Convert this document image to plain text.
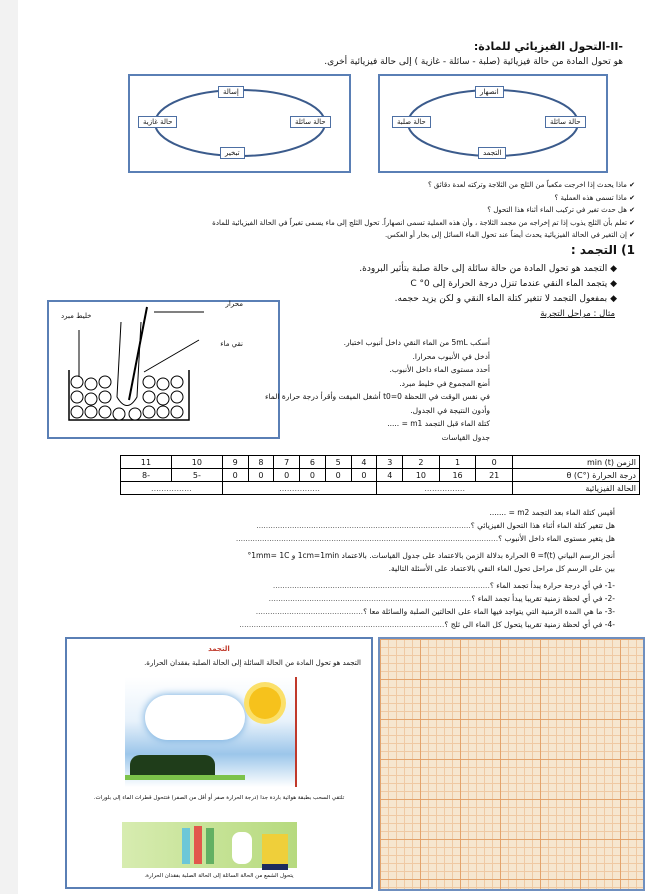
-II-التحول الفيزيائي للمادة:
هو تحول المادة من حالة فيزيائية (صلبة - سائلة - غازية ) إلى حالة فيزيائية أخرى.
إسالة
حالة غازية	حالة سائلة
تبخير
انصهار
حالة صلبة	حالة سائلة
التجمد
✔ ماذا يحدث إذا اخرجت مكعباً من الثلج من الثلاجة وتركته لعدة دقائق ؟
✔ ماذا تسمى هذه العملية ؟
✔ هل حدث تغير في تركيب الماء أثناء هذا التحول ؟
✔ تعلم بأن الثلج يذوب إذا تم إخراجه من مجمد الثلاجة ، وأن هذه العملية تسمى انصهاراً. تحول الثلج إلى ماء يسمى تغيراً في الحالة الفيزيائية للمادة
✔ إن التغير في الحالة الفيزيائية يحدث أيضاً عند تحول الماء السائل إلى بخار أو العكس.
1) التجمد :
◆ التجمد هو تحول المادة من حالة سائلة إلى حالة صلبة بتأثير البرودة.
◆ يتجمد الماء النقي عندما تنزل درجة الحرارة إلى 0° C
◆ بمفعول التجمد لا تتغير كتلة الماء النقي و لكن يزيد حجمه.
مثال : مراحل التجربة
محرار
نقي ماء
خليط مبرد
أسكب 5mL من الماء النقي داخل أنبوب اختبار.
أدخل في الأنبوب محرارا.
أحدد مستوى الماء داخل الأنبوب.
أضع المجموع في خليط مبرد.
في نفس الوقت في اللحظة t0=0 أشغل الميقت وأقرأ درجة حرارة الماء
وأدون النتيجة في الجدول.
كتلة الماء قبل التجمد m1 = .....
جدول القياسات
الزمن min (t)	0	1	2	3	4	5	6	7	8	9	10	11
درجة الحرارة θ (C°)	21	16	10	4	0	0	0	0	0	0	-5	-8
الحالة الفيزيائية	................				................						................	
أقيس كتلة الماء بعد التجمد m2 = .......
هل تتغير كتلة الماء أثناء هذا التحول الفيزيائي ؟..........................................................................................
هل يتغير مستوى الماء داخل الأنبوب ؟..............................................................................................................
أنجز الرسم البياني θ =f(t) الحرارة بدلالة الزمن بالاعتماد على جدول القياسات. بالاعتماد 1cm=1min و 1mm= 1C°
بين على الرسم كل مراحل تحول الماء النقي بالاعتماد على الأسئلة التالية.
-1- في أي درجة حرارة يبدأ تجمد الماء ؟...........................................................................................
-2- في أي لحظة زمنية تقريبا يبدأ تجمد الماء ؟.....................................................................................
-3- ما هي المدة الزمنية التي يتواجد فيها الماء على الحالتين الصلبة والسائلة معا ؟.............................................
-4- في أي لحظة زمنية تقريبا يتحول كل الماء الى ثلج ؟......................................................................................
التجمد
التجمد هو تحول المادة من الحالة السائلة إلى الحالة الصلبة بفقدان الحرارة.
تلتقي السحب بطبقة هوائية باردة جدا (درجة الحرارة صفر أو أقل من الصفر) فتتحول قطرات الماء إلى بلورات.
يتحول الشمع من الحالة السائلة إلى الحالة الصلبة بفقدان الحرارة.
